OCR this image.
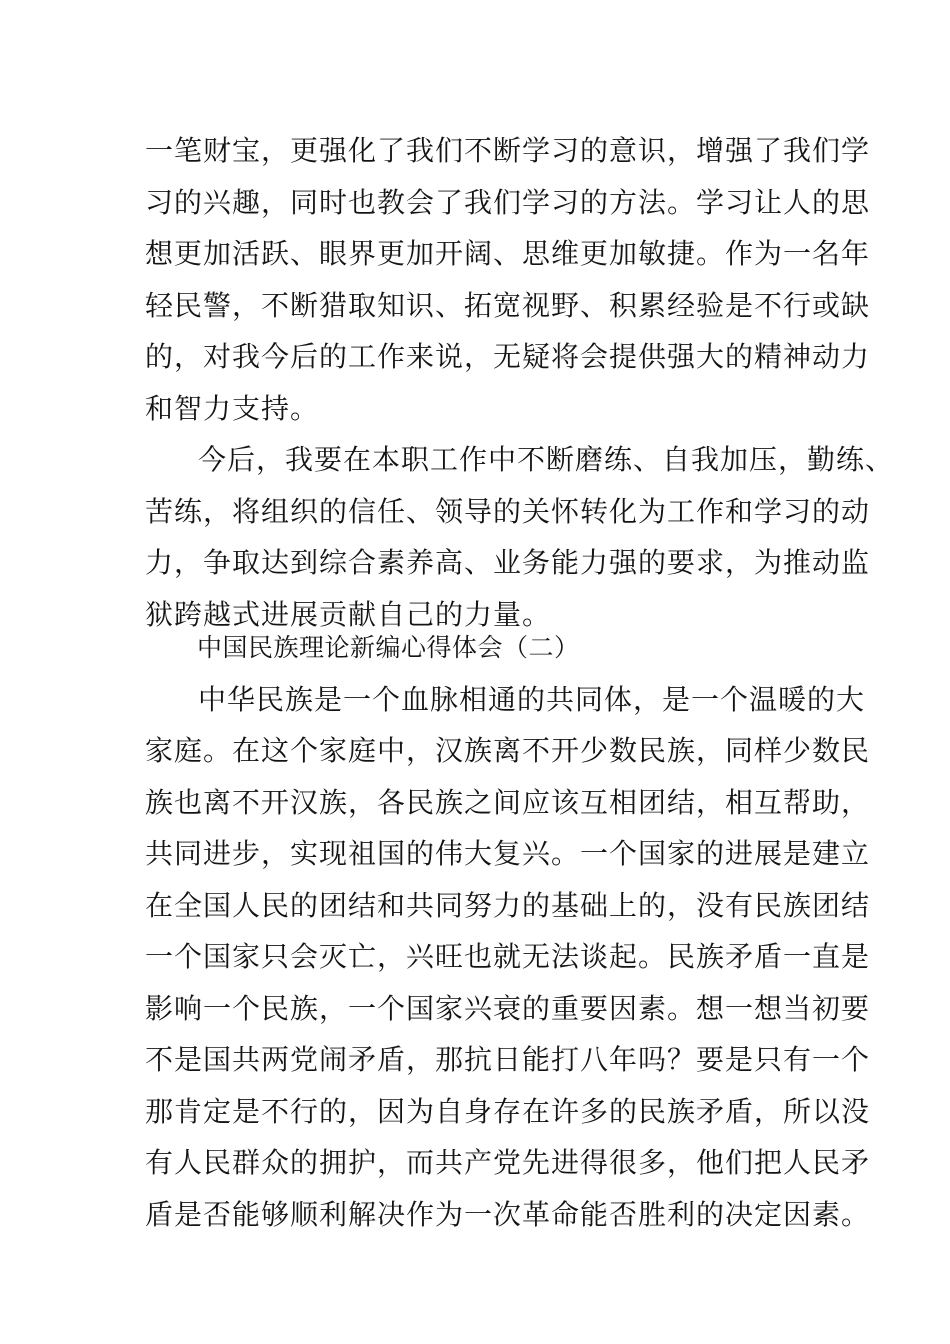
一笔财宝，更强化了我们不断学习的意识，增强了我们学

习的兴趣，同时也教会了我们学习的方法。学习让人的思

想更加活跃、眼界更加开阔、思维更加敏捷。作为一名年

轻民警，不断猎取知识、拓宽视野、积累经验是不行或缺

的，对我今后的工作来说，无疑将会提供强大的精神动力

和智力支持。

今后，我要在本职工作中不断磨练、自我加压，勤练、

苦练，将组织的信任、领导的关怀转化为工作和学习的动

力，争取达到综合素养高、业务能力强的要求，为推动监

狱跨越式进展贡献自己的力量。

中国民族理论新编心得体会（二）

中华民族是一个血脉相通的共同体，是一个温暖的大

家庭。在这个家庭中，汉族离不开少数民族，同样少数民

族也离不开汉族，各民族之间应该互相团结，相互帮助，

共同进步，实现祖国的伟大复兴。一个国家的进展是建立

在全国人民的团结和共同努力的基础上的，没有民族团结

一个国家只会灭亡，兴旺也就无法谈起。民族矛盾一直是

影响一个民族，一个国家兴衰的重要因素。想一想当初要

不是国共两党闹矛盾，那抗日能打八年吗？要是只有一个

那肯定是不行的，因为自身存在许多的民族矛盾，所以没

有人民群众的拥护，而共产党先进得很多，他们把人民矛

盾是否能够顺利解决作为一次革命能否胜利的决定因素。
